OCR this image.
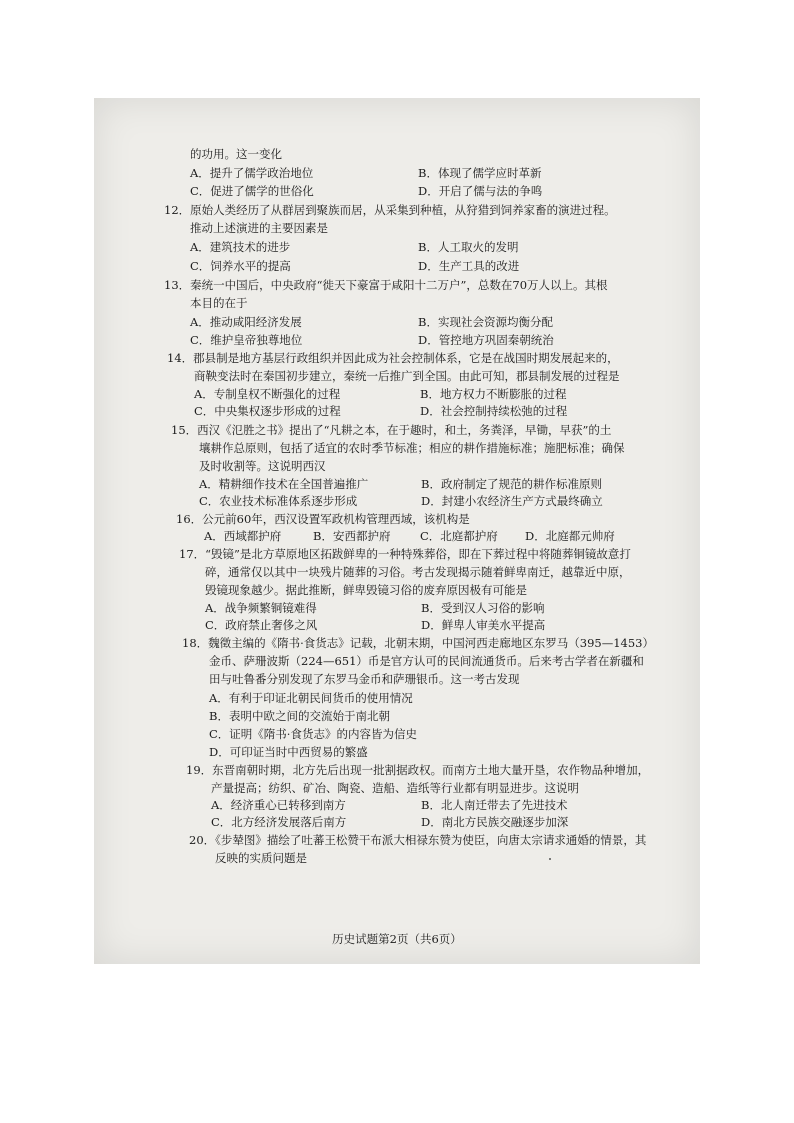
的功用。这一变化
A．提升了儒学政治地位	B．体现了儒学应时革新
C．促进了儒学的世俗化	D．开启了儒与法的争鸣
12．原始人类经历了从群居到聚族而居，从采集到种植，从狩猎到饲养家畜的演进过程。
推动上述演进的主要因素是
A．建筑技术的进步	B．人工取火的发明
C．饲养水平的提高	D．生产工具的改进
13．秦统一中国后，中央政府“徙天下豪富于咸阳十二万户”，总数在70万人以上。其根
本目的在于
A．推动咸阳经济发展	B．实现社会资源均衡分配
C．维护皇帝独尊地位	D．管控地方巩固秦朝统治
14．郡县制是地方基层行政组织并因此成为社会控制体系，它是在战国时期发展起来的，
商鞅变法时在秦国初步建立，秦统一后推广到全国。由此可知，郡县制发展的过程是
A．专制皇权不断强化的过程	B．地方权力不断膨胀的过程
C．中央集权逐步形成的过程	D．社会控制持续松弛的过程
15．西汉《氾胜之书》提出了“凡耕之本，在于趣时，和土，务粪泽，早锄，早获”的土
壤耕作总原则，包括了适宜的农时季节标准；相应的耕作措施标准；施肥标准；确保
及时收割等。这说明西汉
A．精耕细作技术在全国普遍推广	B．政府制定了规范的耕作标准原则
C．农业技术标准体系逐步形成	D．封建小农经济生产方式最终确立
16．公元前60年，西汉设置军政机构管理西域，该机构是
A．西域都护府	B．安西都护府	C．北庭都护府 D．北庭都元帅府
17．“毁镜”是北方草原地区拓跋鲜卑的一种特殊葬俗，即在下葬过程中将随葬铜镜故意打
碎，通常仅以其中一块残片随葬的习俗。考古发现揭示随着鲜卑南迁，越靠近中原，
毁镜现象越少。据此推断，鲜卑毁镜习俗的废弃原因极有可能是
A．战争频繁铜镜难得	B．受到汉人习俗的影响
C．政府禁止奢侈之风	D．鲜卑人审美水平提高
18．魏徵主编的《隋书·食货志》记载，北朝末期，中国河西走廊地区东罗马（395—1453）
金币、萨珊波斯（224—651）币是官方认可的民间流通货币。后来考古学者在新疆和
田与吐鲁番分别发现了东罗马金币和萨珊银币。这一考古发现
A．有利于印证北朝民间货币的使用情况
B．表明中欧之间的交流始于南北朝
C．证明《隋书·食货志》的内容皆为信史
D．可印证当时中西贸易的繁盛
19．东晋南朝时期，北方先后出现一批割据政权。而南方土地大量开垦，农作物品种增加，
产量提高；纺织、矿冶、陶瓷、造船、造纸等行业都有明显进步。这说明
A．经济重心已转移到南方	B．北人南迁带去了先进技术
C．北方经济发展落后南方	D．南北方民族交融逐步加深
20．《步辇图》描绘了吐蕃王松赞干布派大相禄东赞为使臣，向唐太宗请求通婚的情景，其
反映的实质问题是
历史试题第2页（共6页）
